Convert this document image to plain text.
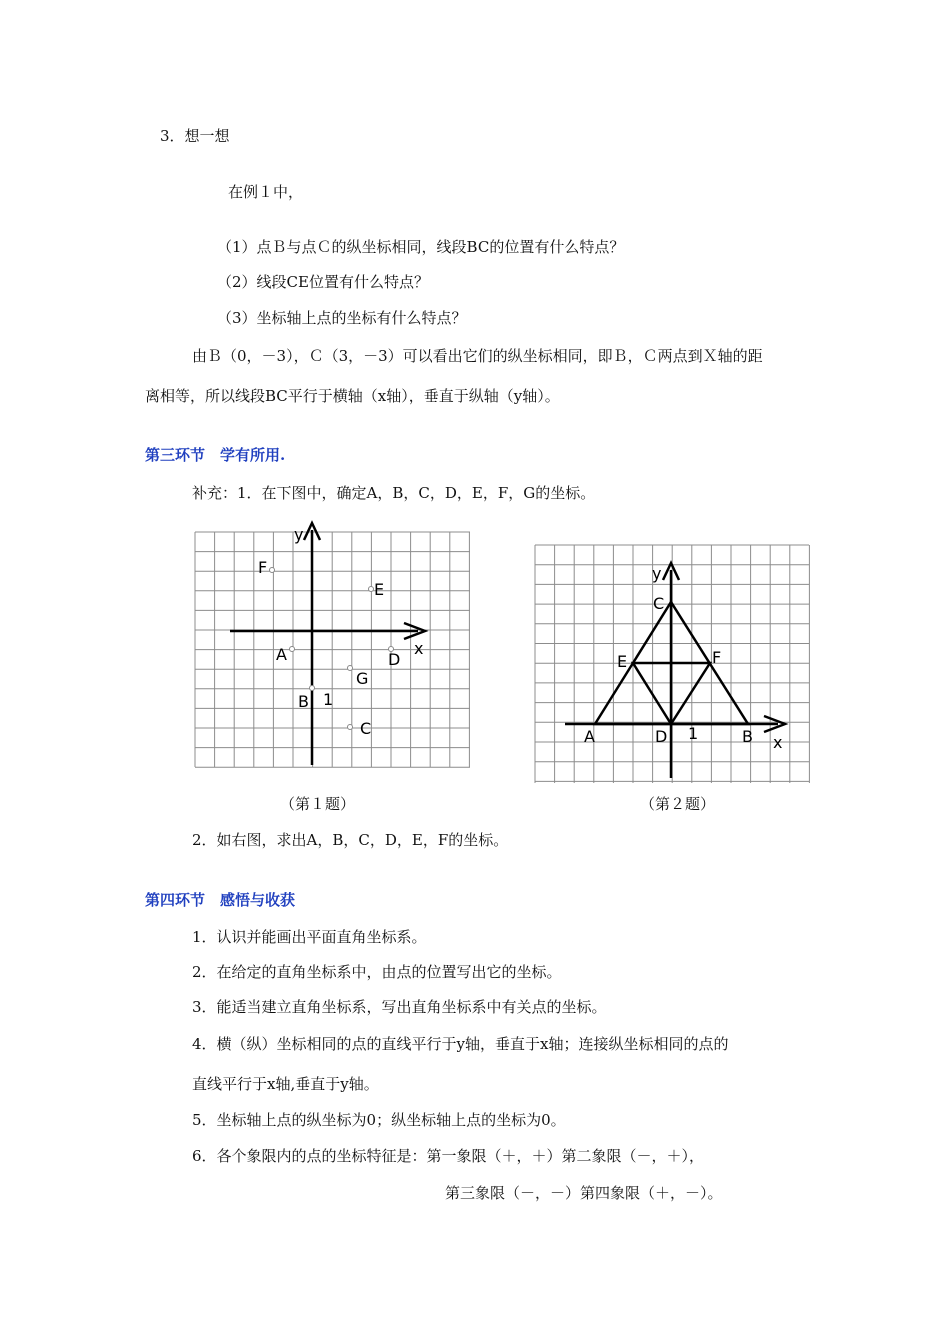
3．想一想
在例１中，
（1）点Ｂ与点Ｃ的纵坐标相同，线段BC的位置有什么特点？
（2）线段CE位置有什么特点？
（3）坐标轴上点的坐标有什么特点？
由Ｂ（0，－3），Ｃ（3，－3）可以看出它们的纵坐标相同，即Ｂ，Ｃ两点到Ｘ轴的距
离相等，所以线段BC平行于横轴（x轴），垂直于纵轴（y轴）。
第三环节　学有所用.
补充：1．在下图中，确定A，B，C，D，E，F，G的坐标。
y
x
F
E
A	D
G
B 1
C
y
x
C
E	F
A	D 1	B
（第１题）	（第２题）
2．如右图，求出A，B，C，D，E，F的坐标。
第四环节　感悟与收获
1．认识并能画出平面直角坐标系。
2．在给定的直角坐标系中，由点的位置写出它的坐标。
3．能适当建立直角坐标系，写出直角坐标系中有关点的坐标。
4．横（纵）坐标相同的点的直线平行于y轴，垂直于x轴；连接纵坐标相同的点的
直线平行于x轴,垂直于y轴。
5．坐标轴上点的纵坐标为0；纵坐标轴上点的坐标为0。
6．各个象限内的点的坐标特征是：第一象限（＋，＋）第二象限（－，＋），
第三象限（－，－）第四象限（＋，－）。
